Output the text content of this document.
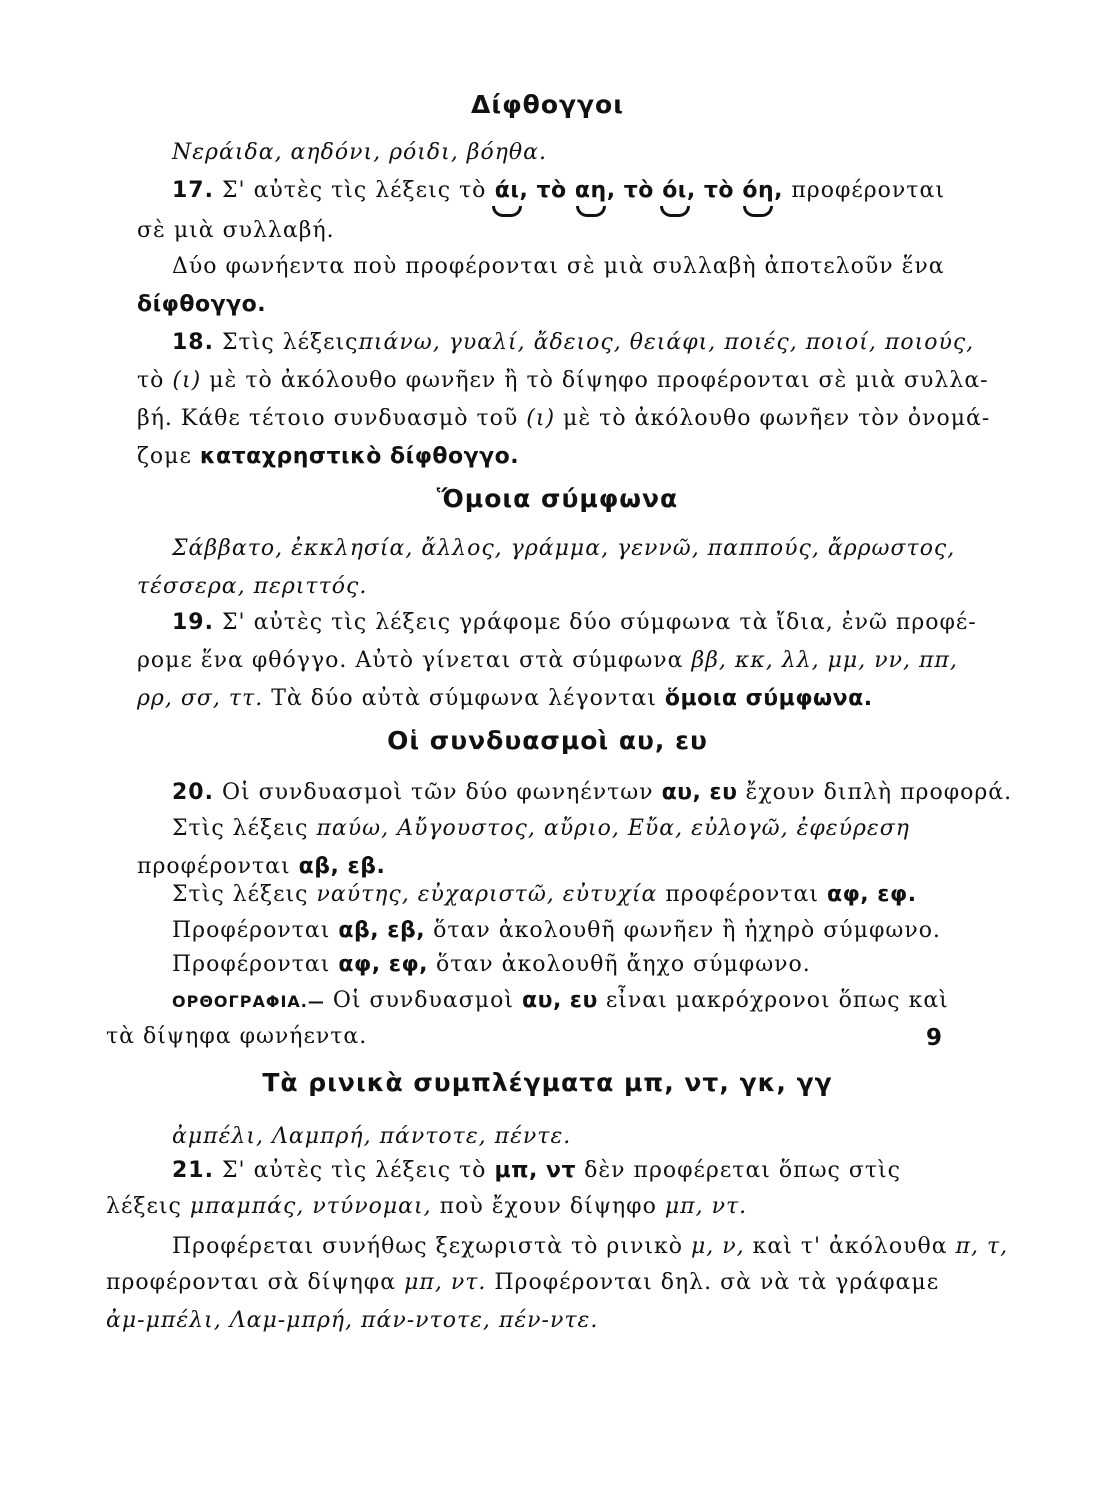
Δίφθογγοι
Νεράιδα, αηδόνι, ρόιδι, βόηθα.
17. Σ' αὐτὲς τὶς λέξεις τὸ άι, τὸ αη, τὸ όι, τὸ όη, προφέρονται
σὲ μιὰ συλλαβή.
Δύο φωνήεντα ποὺ προφέρονται σὲ μιὰ συλλαβὴ ἀποτελοῦν ἕνα
δίφθογγο.
18. Στὶς λέξεις πιάνω, γυαλί, ἄδειος, θειάφι, ποιές, ποιοί, ποιούς,
τὸ (ι) μὲ τὸ ἀκόλουθο φωνῆεν ἢ τὸ δίψηφο προφέρονται σὲ μιὰ συλλα-
βή. Κάθε τέτοιο συνδυασμὸ τοῦ (ι) μὲ τὸ ἀκόλουθο φωνῆεν τὸν ὀνομά-
ζομε καταχρηστικὸ δίφθογγο.
Ὅμοια σύμφωνα
Σάββατο, ἐκκλησία, ἄλλος, γράμμα, γεννῶ, παππούς, ἄρρωστος,
τέσσερα, περιττός.
19. Σ' αὐτὲς τὶς λέξεις γράφομε δύο σύμφωνα τὰ ἴδια, ἐνῶ προφέ-
ρομε ἕνα φθόγγο. Αὐτὸ γίνεται στὰ σύμφωνα ββ, κκ, λλ, μμ, νν, ππ,
ρρ, σσ, ττ. Τὰ δύο αὐτὰ σύμφωνα λέγονται ὅμοια σύμφωνα.
Οἱ συνδυασμοὶ αυ, ευ
20. Οἱ συνδυασμοὶ τῶν δύο φωνηέντων αυ, ευ ἔχουν διπλὴ προφορά.
Στὶς λέξεις παύω, Αὔγουστος, αὔριο, Εὔα, εὐλογῶ, ἐφεύρεση
προφέρονται αβ, εβ.
Στὶς λέξεις ναύτης, εὐχαριστῶ, εὐτυχία προφέρονται αφ, εφ.
Προφέρονται αβ, εβ, ὅταν ἀκολουθῆ φωνῆεν ἢ ἠχηρὸ σύμφωνο.
Προφέρονται αφ, εφ, ὅταν ἀκολουθῆ ἄηχο σύμφωνο.
ΟΡΘΟΓΡΑΦΙΑ.— Οἱ συνδυασμοὶ αυ, ευ εἶναι μακρόχρονοι ὅπως καὶ
τὰ δίψηφα φωνήεντα.
Τὰ ρινικὰ συμπλέγματα μπ, ντ, γκ, γγ
ἀμπέλι, Λαμπρή, πάντοτε, πέντε.
21. Σ' αὐτὲς τὶς λέξεις τὸ μπ, ντ δὲν προφέρεται ὅπως στὶς
λέξεις μπαμπάς, ντύνομαι, ποὺ ἔχουν δίψηφο μπ, ντ.
Προφέρεται συνήθως ξεχωριστὰ τὸ ρινικὸ μ, ν, καὶ τ' ἀκόλουθα π, τ,
προφέρονται σὰ δίψηφα μπ, ντ. Προφέρονται δηλ. σὰ νὰ τὰ γράφαμε
ἀμ-μπέλι, Λαμ-μπρή, πάν-ντοτε, πέν-ντε.
9
